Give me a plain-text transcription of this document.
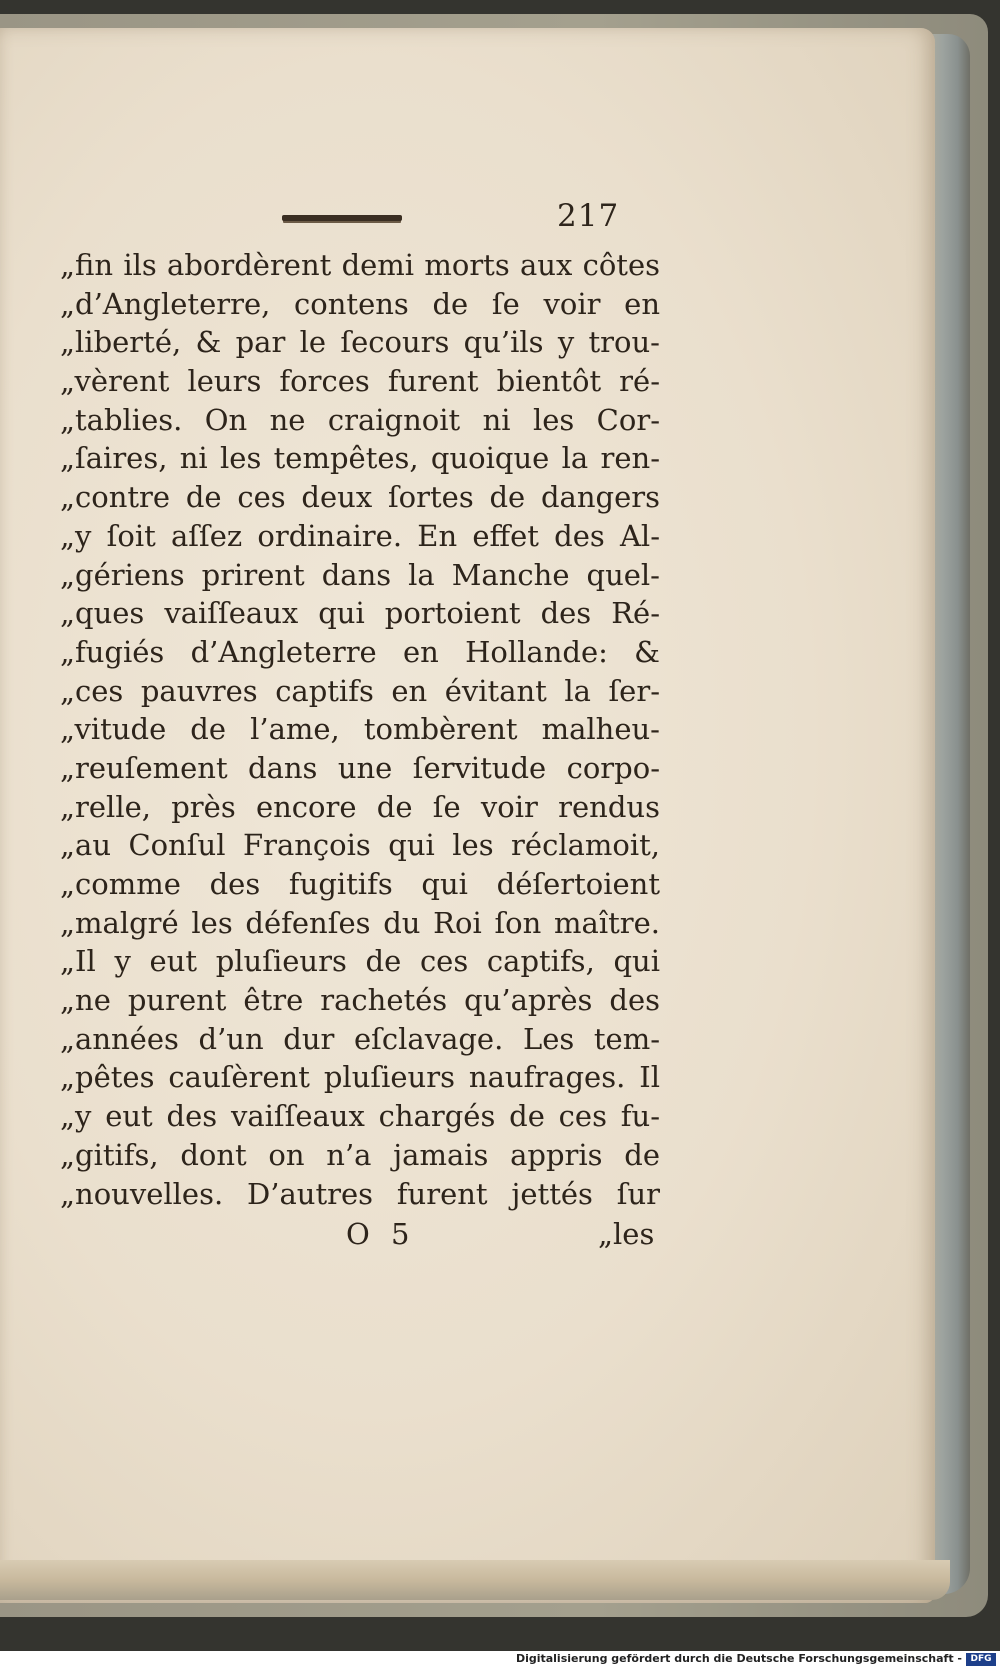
217
„fin ils abordèrent demi morts aux côtes
„d’Angleterre, contens de ſe voir en
„liberté, & par le ſecours qu’ils y trou-
„vèrent leurs forces furent bientôt ré-
„tablies. On ne craignoit ni les Cor-
„ſaires, ni les tempêtes, quoique la ren-
„contre de ces deux ſortes de dangers
„y ſoit aſſez ordinaire. En effet des Al-
„gériens prirent dans la Manche quel-
„ques vaiſſeaux qui portoient des Ré-
„fugiés d’Angleterre en Hollande: &
„ces pauvres captifs en évitant la ſer-
„vitude de l’ame, tombèrent malheu-
„reuſement dans une ſervitude corpo-
„relle, près encore de ſe voir rendus
„au Conſul François qui les réclamoit,
„comme des fugitifs qui déſertoient
„malgré les défenſes du Roi ſon maître.
„Il y eut pluſieurs de ces captifs, qui
„ne purent être rachetés qu’après des
„années d’un dur eſclavage. Les tem-
„pêtes cauſèrent pluſieurs naufrages. Il
„y eut des vaiſſeaux chargés de ces fu-
„gitifs, dont on n’a jamais appris de
„nouvelles. D’autres furent jettés ſur
O 5	„les
Digitalisierung gefördert durch die Deutsche Forschungsgemeinschaft - DFG
